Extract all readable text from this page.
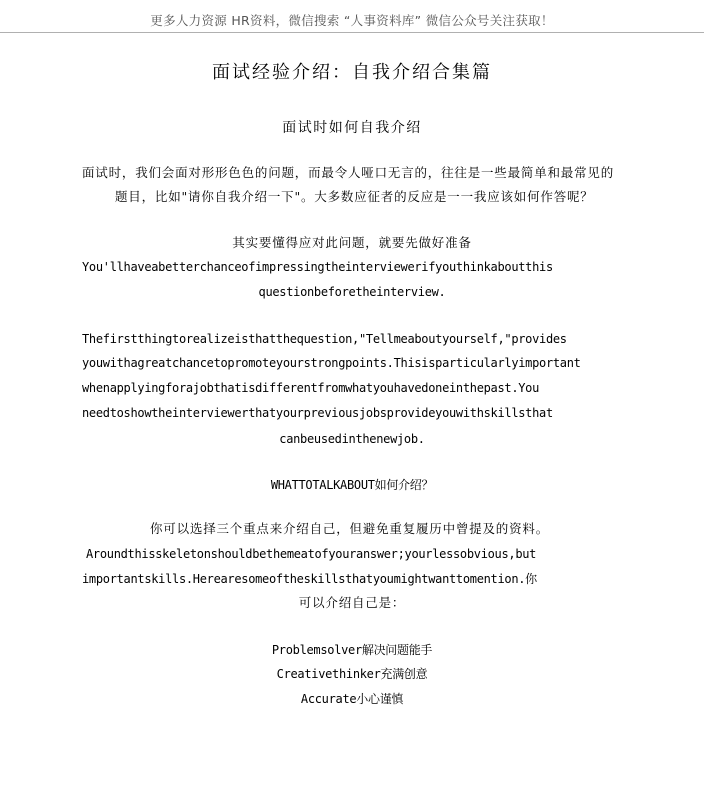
更多人力资源 HR资料，微信搜索 “人事资料库” 微信公众号关注获取！
面试经验介绍：自我介绍合集篇
面试时如何自我介绍
面试时，我们会面对形形色色的问题，而最令人哑口无言的，往往是一些最简单和最常见的
题目，比如"请你自我介绍一下"。大多数应征者的反应是一一我应该如何作答呢？
其实要懂得应对此问题，就要先做好准备
You'llhaveabetterchanceofimpressingtheinterviewerifyouthinkaboutthis
questionbeforetheinterview.
Thefirstthingtorealizeisthatthequestion,"Tellmeaboutyourself,"provides
youwithagreatchancetopromoteyourstrongpoints.Thisisparticularlyimportant
whenapplyingforajobthatisdifferentfromwhatyouhavedoneinthepast.You
needtoshowtheinterviewerthatyourpreviousjobsprovideyouwithskillsthat
canbeusedinthenewjob.
WHATTOTALKABOUT如何介绍？
你可以选择三个重点来介绍自己，但避免重复履历中曾提及的资料。
Aroundthisskeletonshouldbethemeatofyouranswer;yourlessobvious,but
importantskills.Herearesomeoftheskillsthatyoumightwanttomention.你
可以介绍自己是：
Problemsolver解决问题能手
Creativethinker充满创意
Accurate小心谨慎
